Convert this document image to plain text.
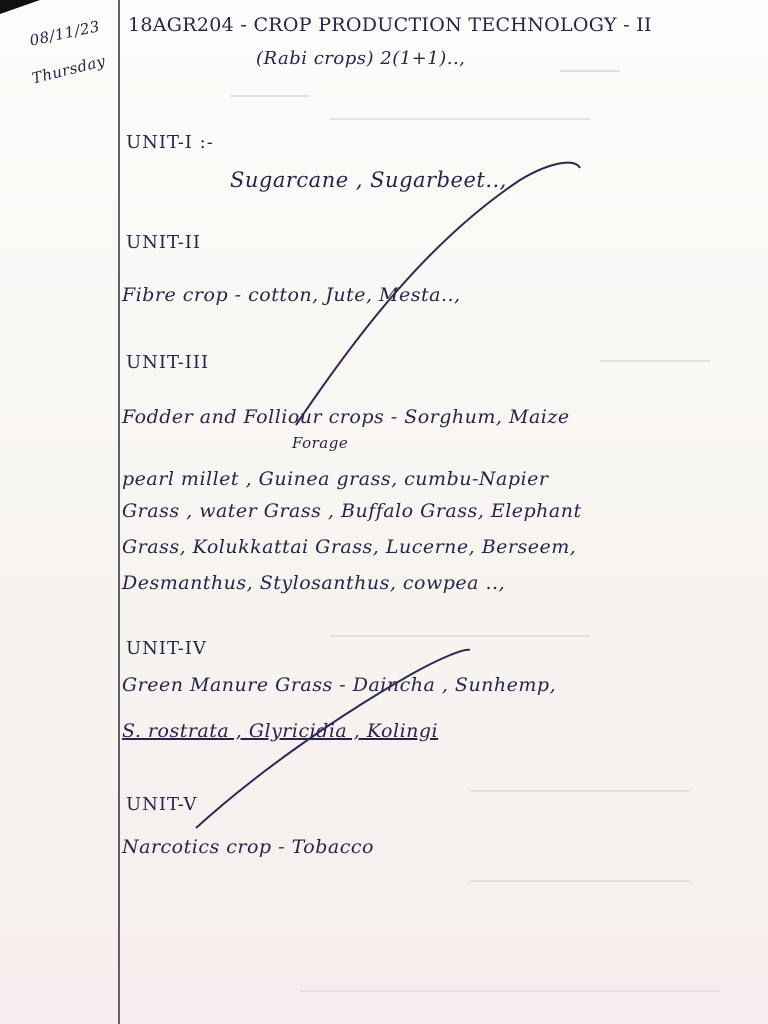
08/11/23
Thursday
18AGR204 - CROP PRODUCTION TECHNOLOGY - II
(Rabi crops) 2(1+1)..,
UNIT-I :-
Sugarcane , Sugarbeet..,
UNIT-II
Fibre crop - cotton, Jute, Mesta..,
UNIT-III
Fodder and Folliour crops - Sorghum, Maize
Forage
pearl millet , Guinea grass, cumbu-Napier
Grass , water Grass , Buffalo Grass, Elephant
Grass, Kolukkattai Grass, Lucerne, Berseem,
Desmanthus, Stylosanthus, cowpea ..,
UNIT-IV
Green Manure Grass - Daincha , Sunhemp,
S. rostrata , Glyricidia , Kolingi
UNIT-V
Narcotics crop - Tobacco
